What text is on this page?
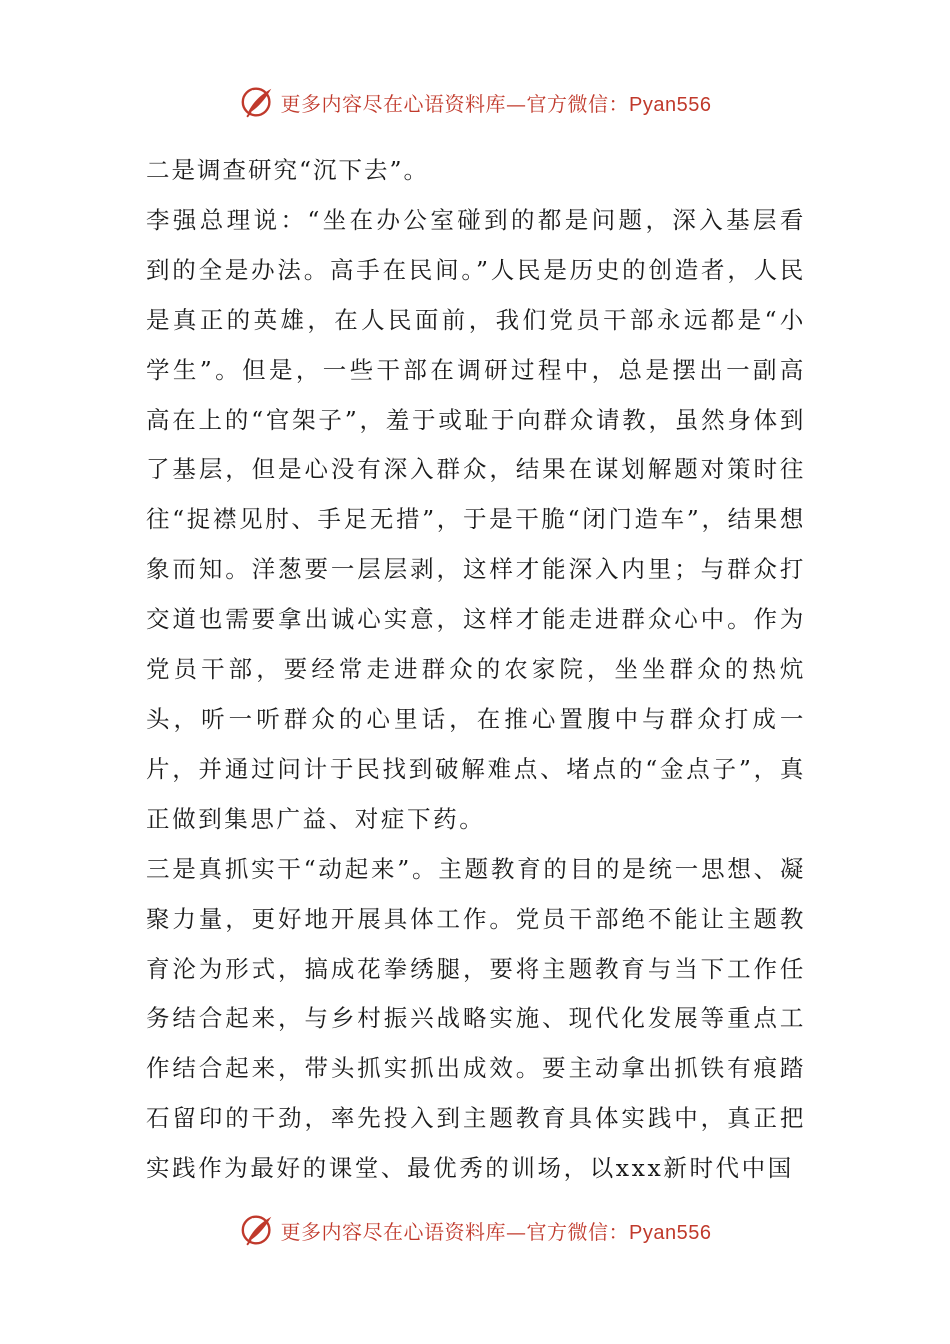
更多内容尽在心语资料库—官方微信：Pyan556

二是调查研究“沉下去”。

李强总理说：“坐在办公室碰到的都是问题，深入基层看到的全是办法。高手在民间。”人民是历史的创造者，人民是真正的英雄，在人民面前，我们党员干部永远都是“小学生”。但是，一些干部在调研过程中，总是摆出一副高高在上的“官架子”，羞于或耻于向群众请教，虽然身体到了基层，但是心没有深入群众，结果在谋划解题对策时往往“捉襟见肘、手足无措”，于是干脆“闭门造车”，结果想象而知。洋葱要一层层剥，这样才能深入内里；与群众打交道也需要拿出诚心实意，这样才能走进群众心中。作为党员干部，要经常走进群众的农家院，坐坐群众的热炕头，听一听群众的心里话，在推心置腹中与群众打成一片，并通过问计于民找到破解难点、堵点的“金点子”，真正做到集思广益、对症下药。

三是真抓实干“动起来”。主题教育的目的是统一思想、凝聚力量，更好地开展具体工作。党员干部绝不能让主题教育沦为形式，搞成花拳绣腿，要将主题教育与当下工作任务结合起来，与乡村振兴战略实施、现代化发展等重点工作结合起来，带头抓实抓出成效。要主动拿出抓铁有痕踏石留印的干劲，率先投入到主题教育具体实践中，真正把实践作为最好的课堂、最优秀的训场，以xxx新时代中国

更多内容尽在心语资料库—官方微信：Pyan556
